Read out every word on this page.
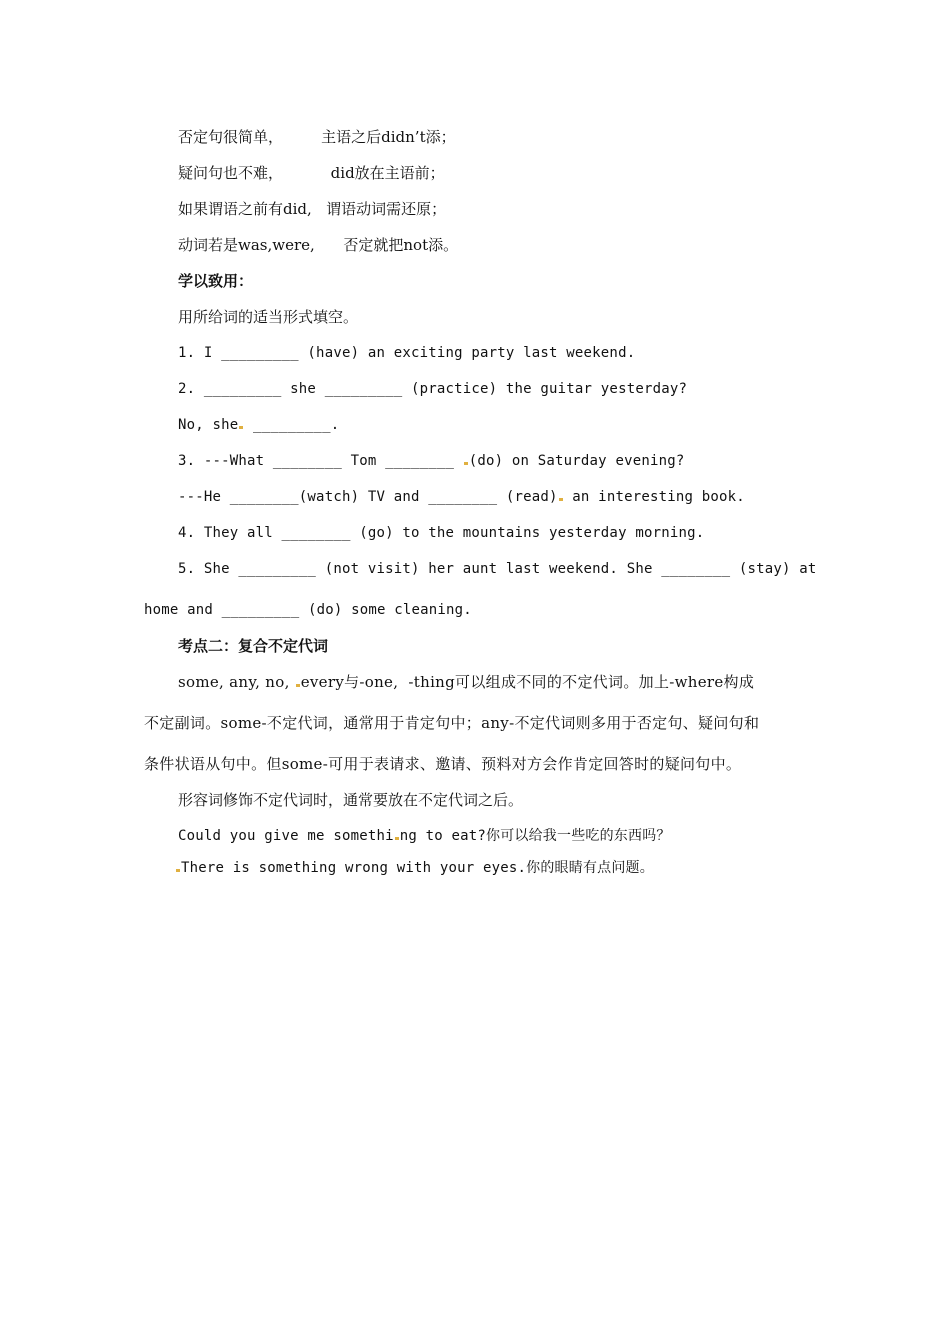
否定句很简单，        主语之后didn’t添；
疑问句也不难，          did放在主语前；
如果谓语之前有did,   谓语动词需还原；
动词若是was,were,      否定就把not添。
学以致用：
用所给词的适当形式填空。
1. I _________ (have) an exciting party last weekend.
2. _________ she _________ (practice) the guitar yesterday?
No, she _________.
3. ---What ________ Tom ________ (do) on Saturday evening?
---He ________(watch) TV and ________ (read) an interesting book.
4. They all ________ (go) to the mountains yesterday morning.
5. She _________ (not visit) her aunt last weekend. She ________ (stay) at
home and _________ (do) some cleaning.
考点二：复合不定代词
some, any, no, every与-one,  -thing可以组成不同的不定代词。加上-where构成
不定副词。some-不定代词，通常用于肯定句中；any-不定代词则多用于否定句、疑问句和
条件状语从句中。但some-可用于表请求、邀请、预料对方会作肯定回答时的疑问句中。
形容词修饰不定代词时，通常要放在不定代词之后。
Could you give me somethi ng to eat?你可以给我一些吃的东西吗？
There is something wrong with your eyes.你的眼睛有点问题。
